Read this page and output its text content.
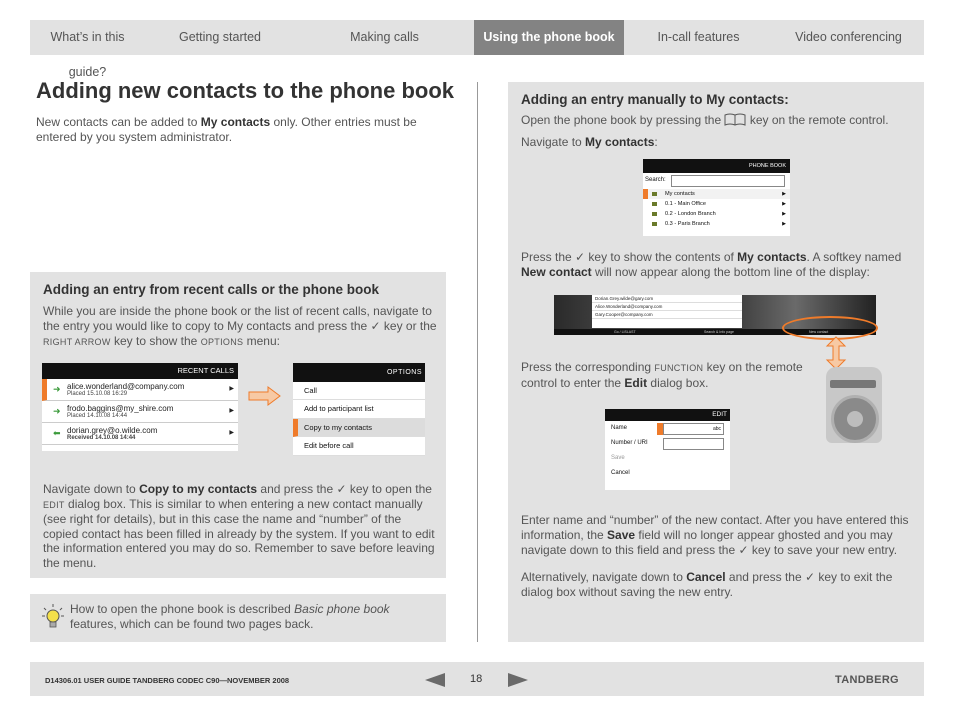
What’s in this guide?
Getting started	Making calls	Using the phone book	In-call features	Video conferencing
Adding new contacts to the phone book

New contacts can be added to My contacts only. Other entries must be entered by you system administrator.

Adding an entry from recent calls or the phone book

While you are inside the phone book or the list of recent calls, navigate to the entry you would like to copy to My contacts and press the ✓ key or the RIGHT ARROW key to show the OPTIONS menu:

RECENT CALLS
➜ alice.wonderland@company.com
Placed 15.10.08 16:29
▶
➜ frodo.baggins@my_shire.com
Placed 14.10.08 14:44
▶
⬅ dorian.grey@o.wilde.com
Received 14.10.08 14:44
▶
OPTIONS
Call
Add to participant list
Copy to my contacts
Edit before call

Navigate down to Copy to my contacts and press the ✓ key to open the EDIT dialog box. This is similar to when entering a new contact manually (see right for details), but in this case the name and “number” of the copied contact has been filled in already by the system. If you want to edit the information entered you may do so. Remember to save before leaving the menu.

How to open the phone book is described Basic phone book features, which can be found two pages back.

Adding an entry manually to My contacts:

Open the phone book by pressing the  key on the remote control.

Navigate to My contacts:

PHONE BOOK
Search:
My contacts	▶
0.1 - Main Office	▶
0.2 - London Branch	▶
0.3 - Paris Branch	▶

Press the ✓ key to show the contents of My contacts. A softkey named New contact will now appear along the bottom line of the display:

Dorian.Grey.wilde@gary.com
Alice.Wonderland@company.com
Gary.Cooper@company.com
Go / LISLAST	Search & Info page	New contact

Press the corresponding FUNCTION key on the remote control to enter the Edit dialog box.

EDIT
Name	abc
Number / URI
Save
Cancel

Enter name and “number” of the new contact. After you have entered this information, the Save field will no longer appear ghosted and you may navigate down to this field and press the ✓ key to save your new entry.

Alternatively, navigate down to Cancel and press the ✓ key to exit the dialog box without saving the new entry.

D14306.01 USER GUIDE TANDBERG CODEC C90—NOVEMBER 2008	18	TANDBERG
